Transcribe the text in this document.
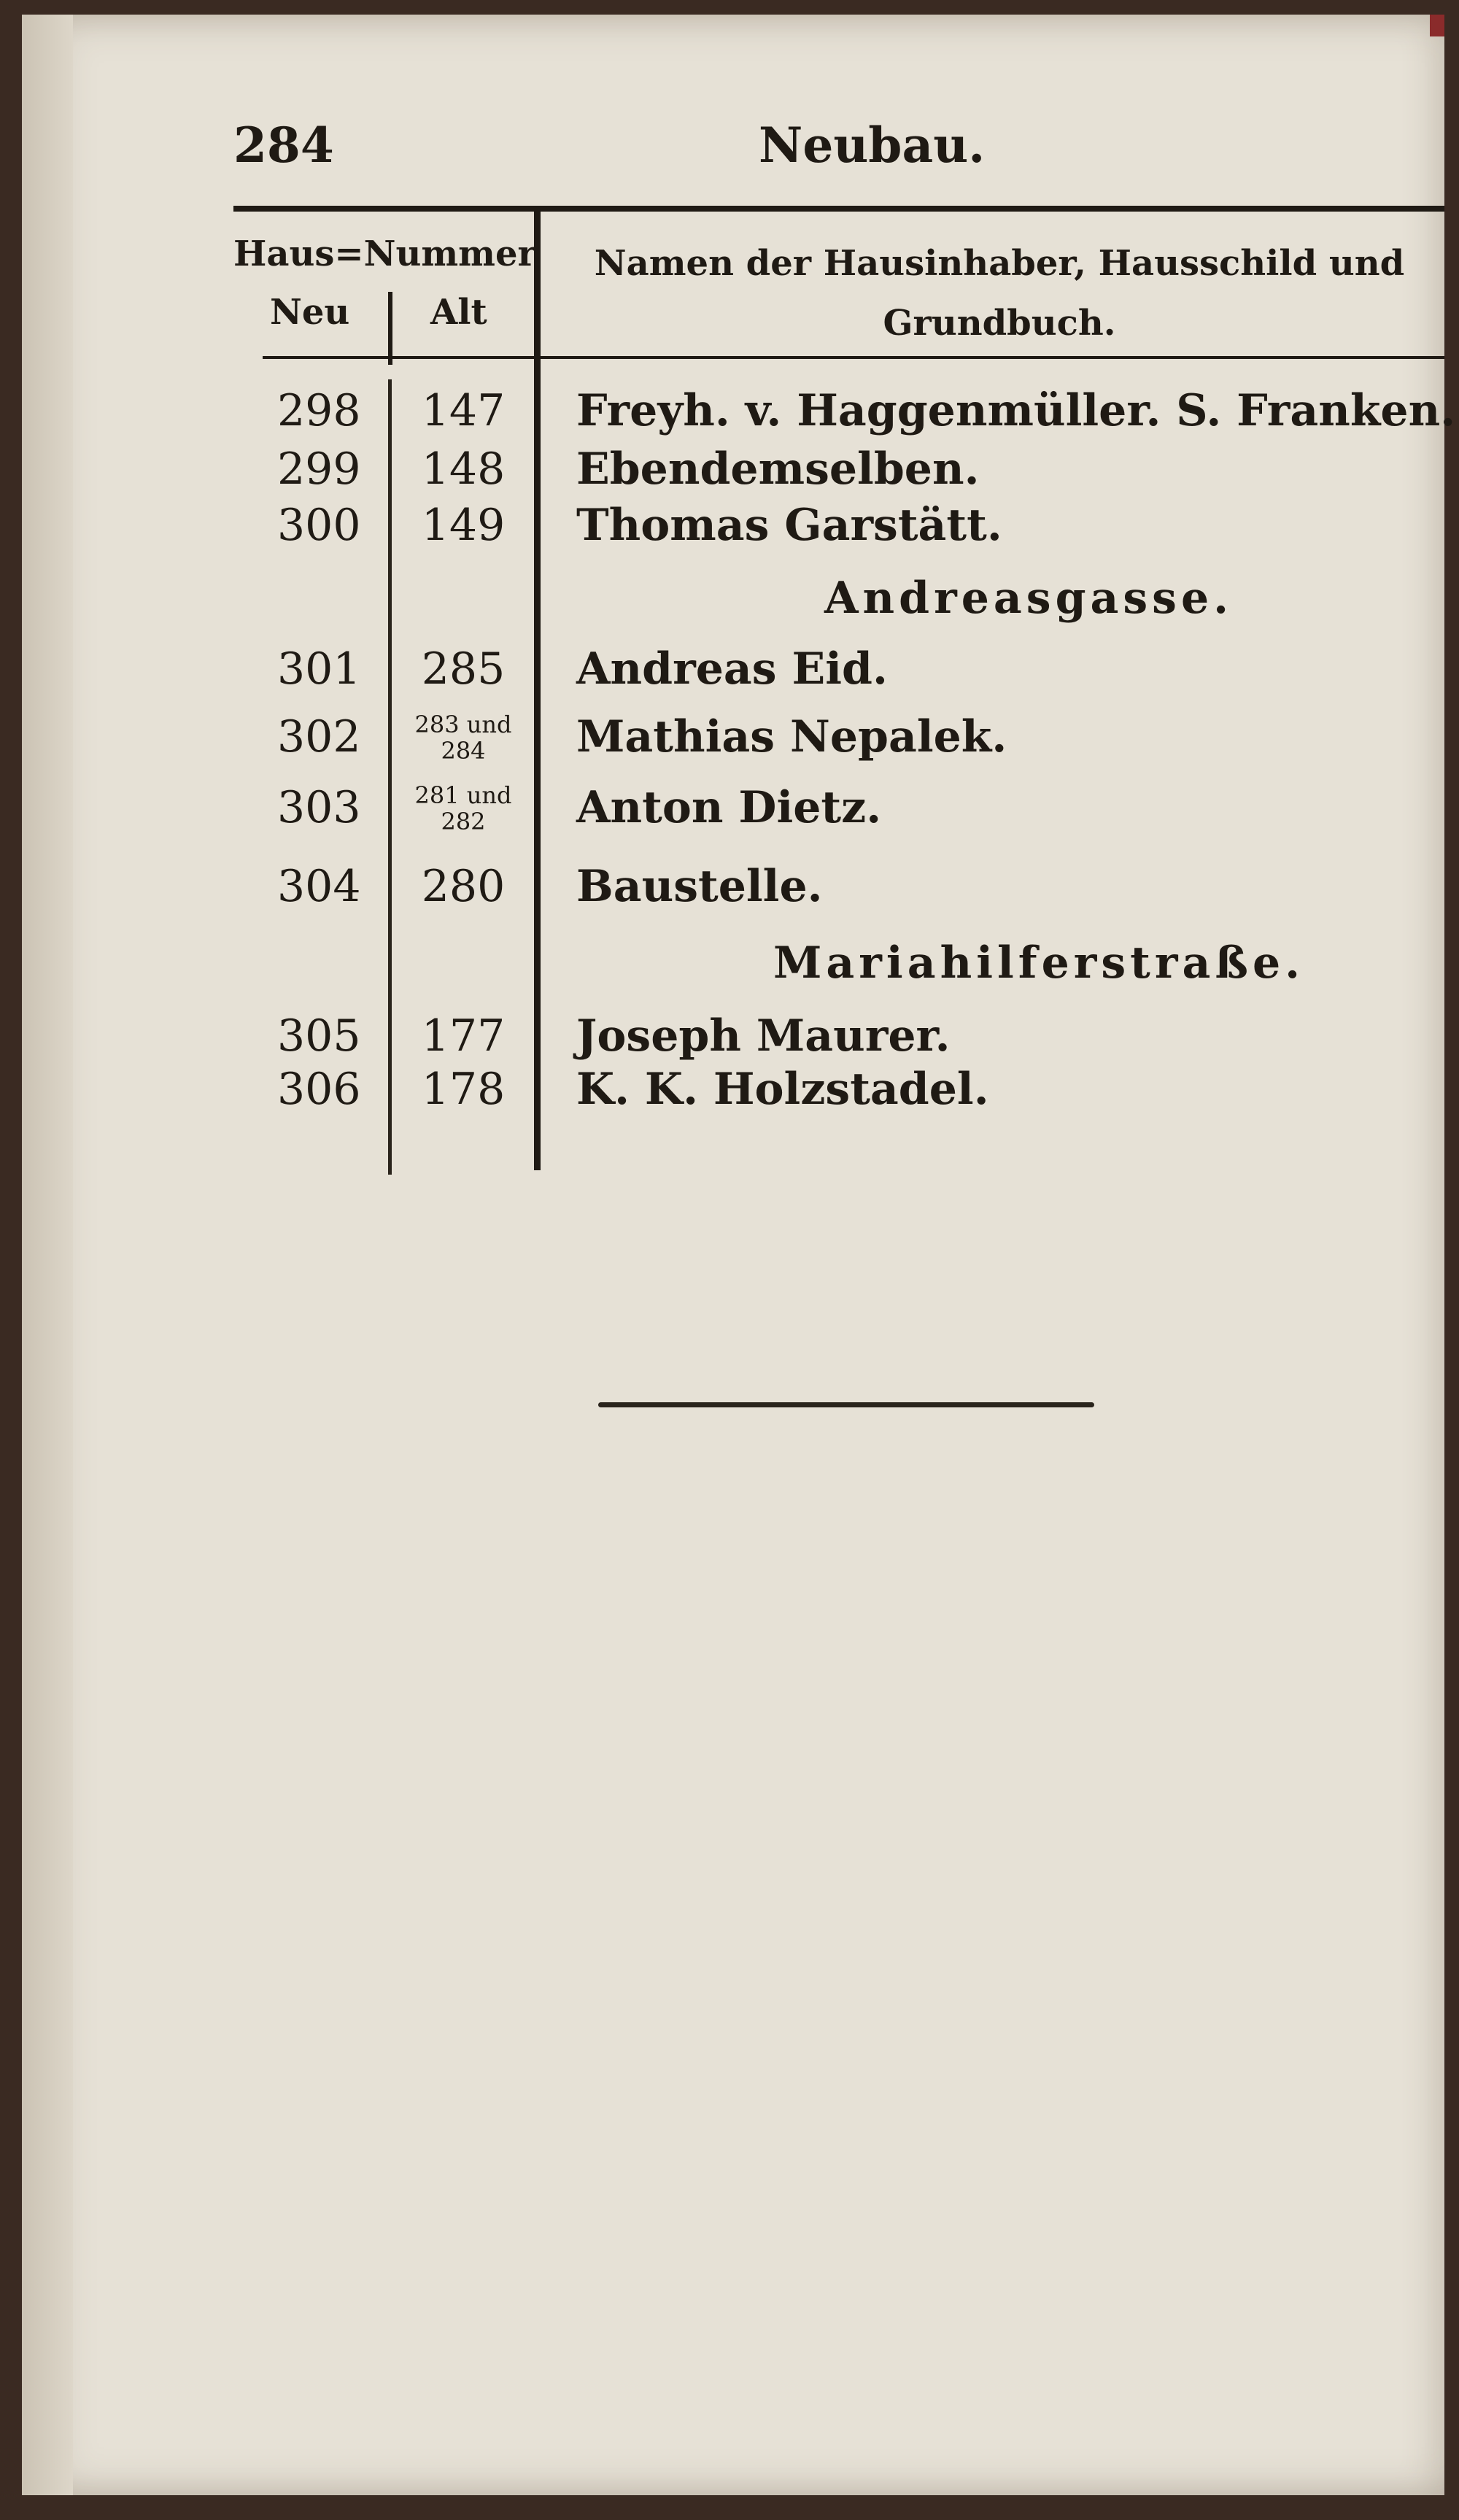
284	Neubau.
Haus=Nummer
Neu Alt
Namen der Hausinhaber, Hausschild und
Grundbuch.
298	147	Freyh. v. Haggenmüller. S. Franken.
299	148	Ebendemselben.
300	149	Thomas Garstätt.
Andreasgasse.
301	285	Andreas Eid.
302	283 und
284	Mathias Nepalek.
303	281 und
282	Anton Dietz.
304	280	Baustelle.
Mariahilferstraße.
305	177	Joseph Maurer.
306	178	K. K. Holzstadel.
